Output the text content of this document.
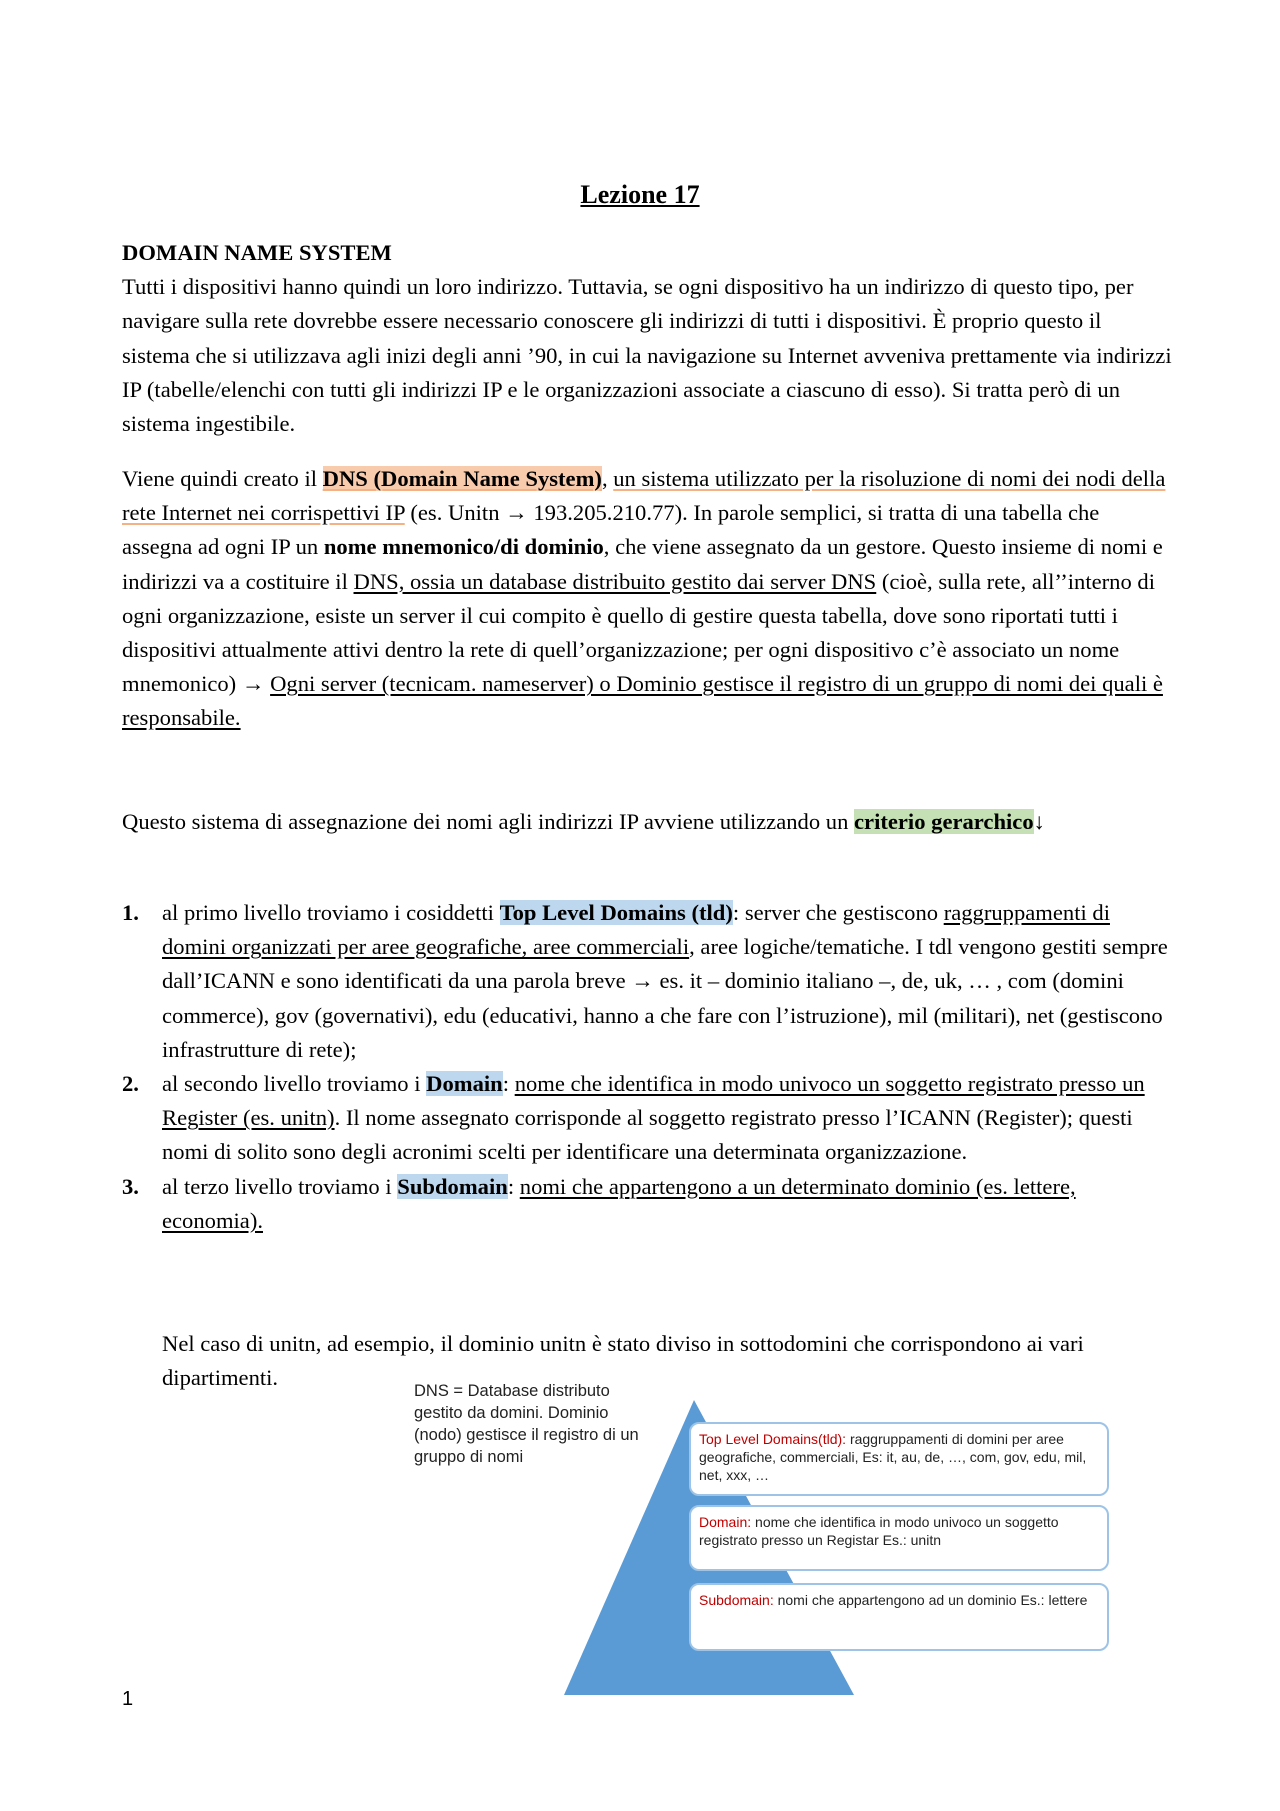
Lezione 17
DOMAIN NAME SYSTEM
Tutti i dispositivi hanno quindi un loro indirizzo. Tuttavia, se ogni dispositivo ha un indirizzo di questo tipo, per navigare sulla rete dovrebbe essere necessario conoscere gli indirizzi di tutti i dispositivi. È proprio questo il sistema che si utilizzava agli inizi degli anni ’90, in cui la navigazione su Internet avveniva prettamente via indirizzi IP (tabelle/elenchi con tutti gli indirizzi IP e le organizzazioni associate a ciascuno di esso). Si tratta però di un sistema ingestibile.
Viene quindi creato il DNS (Domain Name System), un sistema utilizzato per la risoluzione di nomi dei nodi della rete Internet nei corrispettivi IP (es. Unitn → 193.205.210.77). In parole semplici, si tratta di una tabella che assegna ad ogni IP un nome mnemonico/di dominio, che viene assegnato da un gestore. Questo insieme di nomi e indirizzi va a costituire il DNS, ossia un database distribuito gestito dai server DNS (cioè, sulla rete, all’’interno di ogni organizzazione, esiste un server il cui compito è quello di gestire questa tabella, dove sono riportati tutti i dispositivi attualmente attivi dentro la rete di quell’organizzazione; per ogni dispositivo c’è associato un nome mnemonico) → Ogni server (tecnicam. nameserver) o Dominio gestisce il registro di un gruppo di nomi dei quali è responsabile.
Questo sistema di assegnazione dei nomi agli indirizzi IP avviene utilizzando un criterio gerarchico↓
1. al primo livello troviamo i cosiddetti Top Level Domains (tld): server che gestiscono raggruppamenti di domini organizzati per aree geografiche, aree commerciali, aree logiche/tematiche. I tdl vengono gestiti sempre dall’ICANN e sono identificati da una parola breve → es. it – dominio italiano –, de, uk, … , com (domini commerce), gov (governativi), edu (educativi, hanno a che fare con l’istruzione), mil (militari), net (gestiscono infrastrutture di rete);
2. al secondo livello troviamo i Domain: nome che identifica in modo univoco un soggetto registrato presso un Register (es. unitn). Il nome assegnato corrisponde al soggetto registrato presso l’ICANN (Register); questi nomi di solito sono degli acronimi scelti per identificare una determinata organizzazione.
3. al terzo livello troviamo i Subdomain: nomi che appartengono a un determinato dominio (es. lettere, economia).
Nel caso di unitn, ad esempio, il dominio unitn è stato diviso in sottodomini che corrispondono ai vari dipartimenti.
DNS = Database distributo gestito da domini. Dominio (nodo) gestisce il registro di un gruppo di nomi
Top Level Domains(tld): raggruppamenti di domini per aree geografiche, commerciali, Es: it, au, de, …, com, gov, edu, mil, net, xxx, …
Domain: nome che identifica in modo univoco un soggetto registrato presso un Registar Es.: unitn
Subdomain: nomi che appartengono ad un dominio Es.: lettere
1
